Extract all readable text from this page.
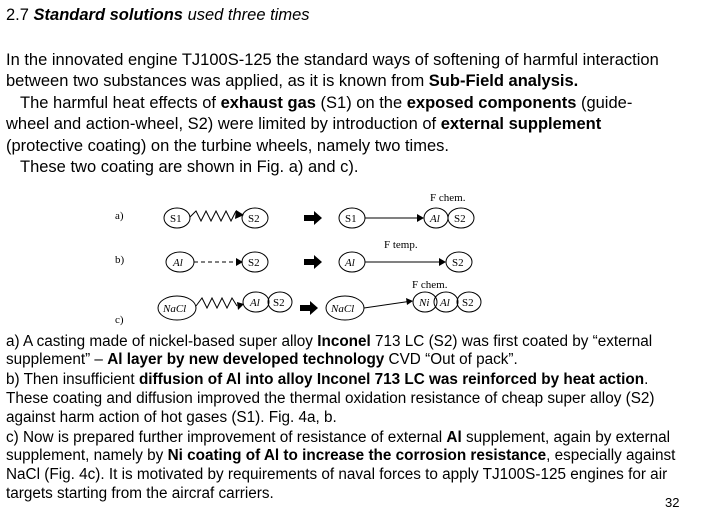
2.7 Standard solutions used three times
In the innovated engine TJ100S-125 the standard ways of softening of harmful interaction
between two substances was applied, as it is known from Sub-Field analysis.
The harmful heat effects of exhaust gas (S1) on the exposed components (guide-
wheel and action-wheel, S2) were limited by introduction of external supplement
(protective coating) on the turbine wheels, namely two times.
These two coating are shown in Fig. a) and c).
a)	S1	S2	S1	Al S2
F chem.
b)	Al	S2	Al	S2
F temp.
c)
NaCl	Al S2	NaCl	Ni Al S2
F chem.
a) A casting made of nickel-based super alloy Inconel 713 LC (S2) was first coated by “external
supplement” – Al layer by new developed technology CVD “Out of pack”.
b) Then insufficient diffusion of Al into alloy Inconel 713 LC was reinforced by heat action.
These coating and diffusion improved the thermal oxidation resistance of cheap super alloy (S2)
against harm action of hot gases (S1). Fig. 4a, b.
c) Now is prepared further improvement of resistance of external Al supplement, again by external
supplement, namely by Ni coating of Al to increase the corrosion resistance, especially against
NaCl (Fig. 4c). It is motivated by requirements of naval forces to apply TJ100S-125 engines for air
targets starting from the aircraf carriers.
32
